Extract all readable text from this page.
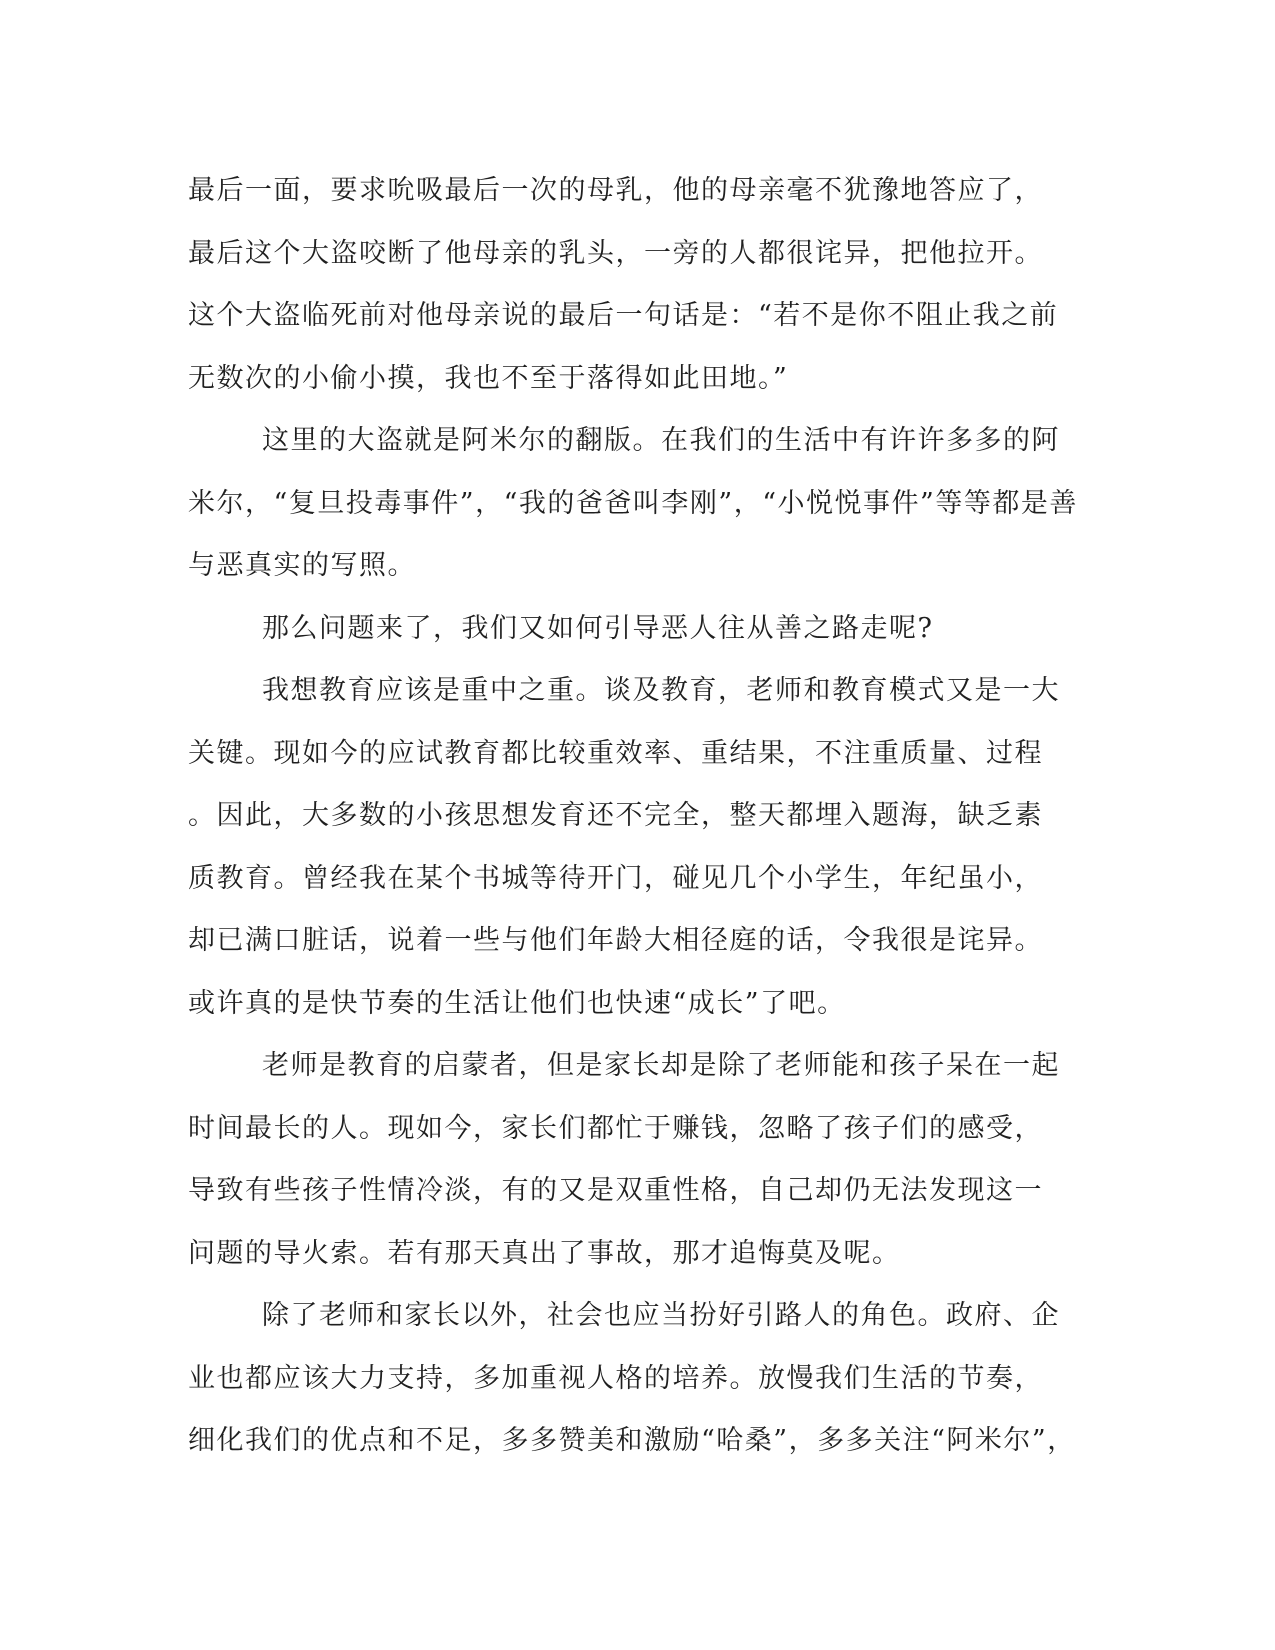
最后一面，要求吮吸最后一次的母乳，他的母亲毫不犹豫地答应了，
最后这个大盗咬断了他母亲的乳头，一旁的人都很诧异，把他拉开。
这个大盗临死前对他母亲说的最后一句话是：“若不是你不阻止我之前
无数次的小偷小摸，我也不至于落得如此田地。”
这里的大盗就是阿米尔的翻版。在我们的生活中有许许多多的阿
米尔，“复旦投毒事件”，“我的爸爸叫李刚”，“小悦悦事件”等等都是善
与恶真实的写照。
那么问题来了，我们又如何引导恶人往从善之路走呢?
我想教育应该是重中之重。谈及教育，老师和教育模式又是一大
关键。现如今的应试教育都比较重效率、重结果，不注重质量、过程
。因此，大多数的小孩思想发育还不完全，整天都埋入题海，缺乏素
质教育。曾经我在某个书城等待开门，碰见几个小学生，年纪虽小，
却已满口脏话，说着一些与他们年龄大相径庭的话，令我很是诧异。
或许真的是快节奏的生活让他们也快速“成长”了吧。
老师是教育的启蒙者，但是家长却是除了老师能和孩子呆在一起
时间最长的人。现如今，家长们都忙于赚钱，忽略了孩子们的感受，
导致有些孩子性情冷淡，有的又是双重性格，自己却仍无法发现这一
问题的导火索。若有那天真出了事故，那才追悔莫及呢。
除了老师和家长以外，社会也应当扮好引路人的角色。政府、企
业也都应该大力支持，多加重视人格的培养。放慢我们生活的节奏，
细化我们的优点和不足，多多赞美和激励“哈桑”，多多关注“阿米尔”，
